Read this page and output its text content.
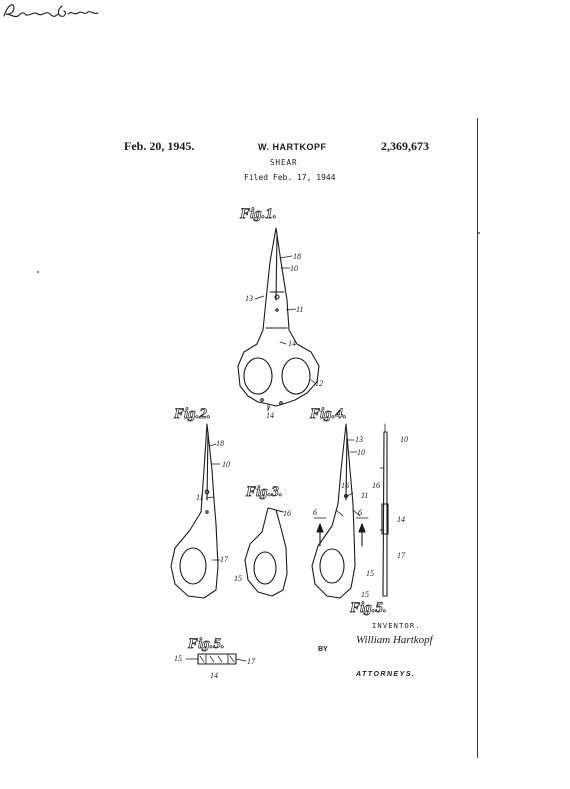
Feb. 20, 1945.	W. HARTKOPF
SHEAR
Filed Feb. 17, 1944
2,369,673
Fig.1.
Fig.2.	Fig.4.
Fig.3.
Fig.5.
Fig.5.
18
10
13
11
14
12
14
18
10
11
17
16
15
13
10
16
11
6	6
15
10
16
14
17
15
15	17
14
INVENTOR.
William Hartkopf
BY
ATTORNEYS.
